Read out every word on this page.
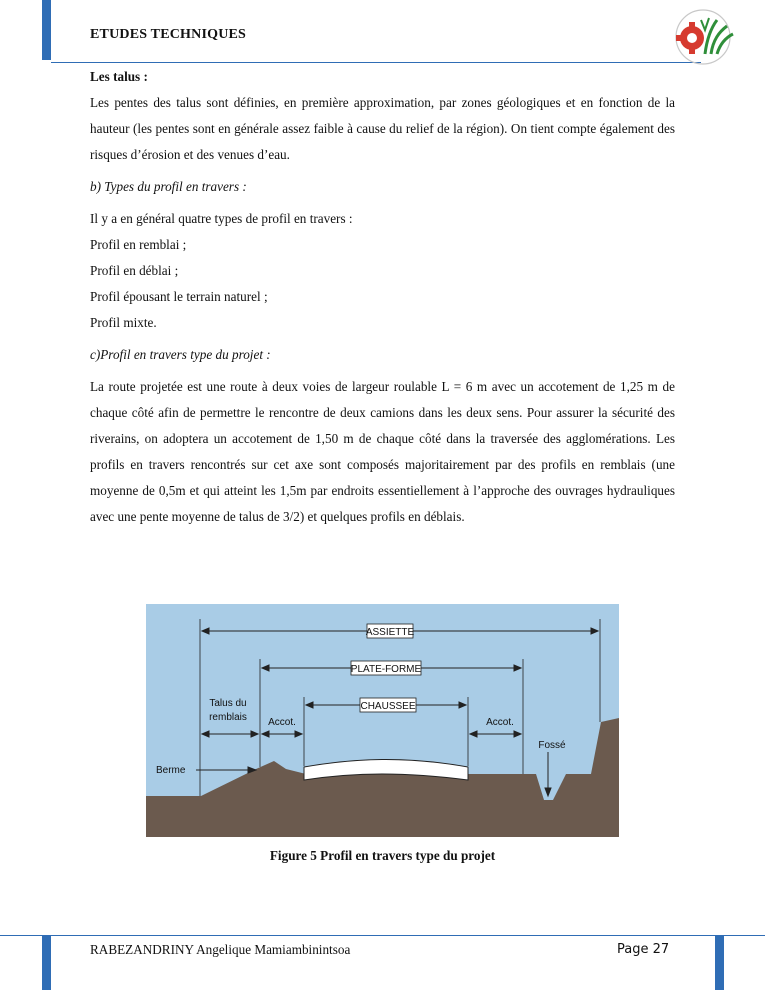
ETUDES TECHNIQUES

Les talus :

Les pentes des talus sont définies, en première approximation, par zones géologiques et en fonction de la hauteur (les pentes sont en générale assez faible à cause du relief de la région). On tient compte également des risques d’érosion et des venues d’eau.

b) Types du profil en travers :

Il y a en général quatre types de profil en travers :

Profil en remblai ;

Profil en déblai ;

Profil épousant le terrain naturel ;

Profil mixte.

c)Profil en travers type du projet :

La route projetée est une route à deux voies de largeur roulable L = 6 m avec un accotement de 1,25 m de chaque côté afin de permettre le rencontre de deux camions dans les deux sens. Pour assurer la sécurité des riverains, on adoptera un accotement de 1,50 m de chaque côté dans la traversée des agglomérations. Les profils en travers rencontrés sur cet axe sont composés majoritairement par des profils en remblais (une moyenne de 0,5m et qui atteint les 1,5m par endroits essentiellement à l’approche des ouvrages hydrauliques avec une pente moyenne de talus de 3/2) et quelques profils en déblais.

ASSIETTE
PLATE-FORME
CHAUSSEE
Talus du
remblais Accot.	Accot.
Fossé
Berme
Figure 5 Profil en travers type du projet
RABEZANDRINY Angelique Mamiambinintsoa	Page 27
